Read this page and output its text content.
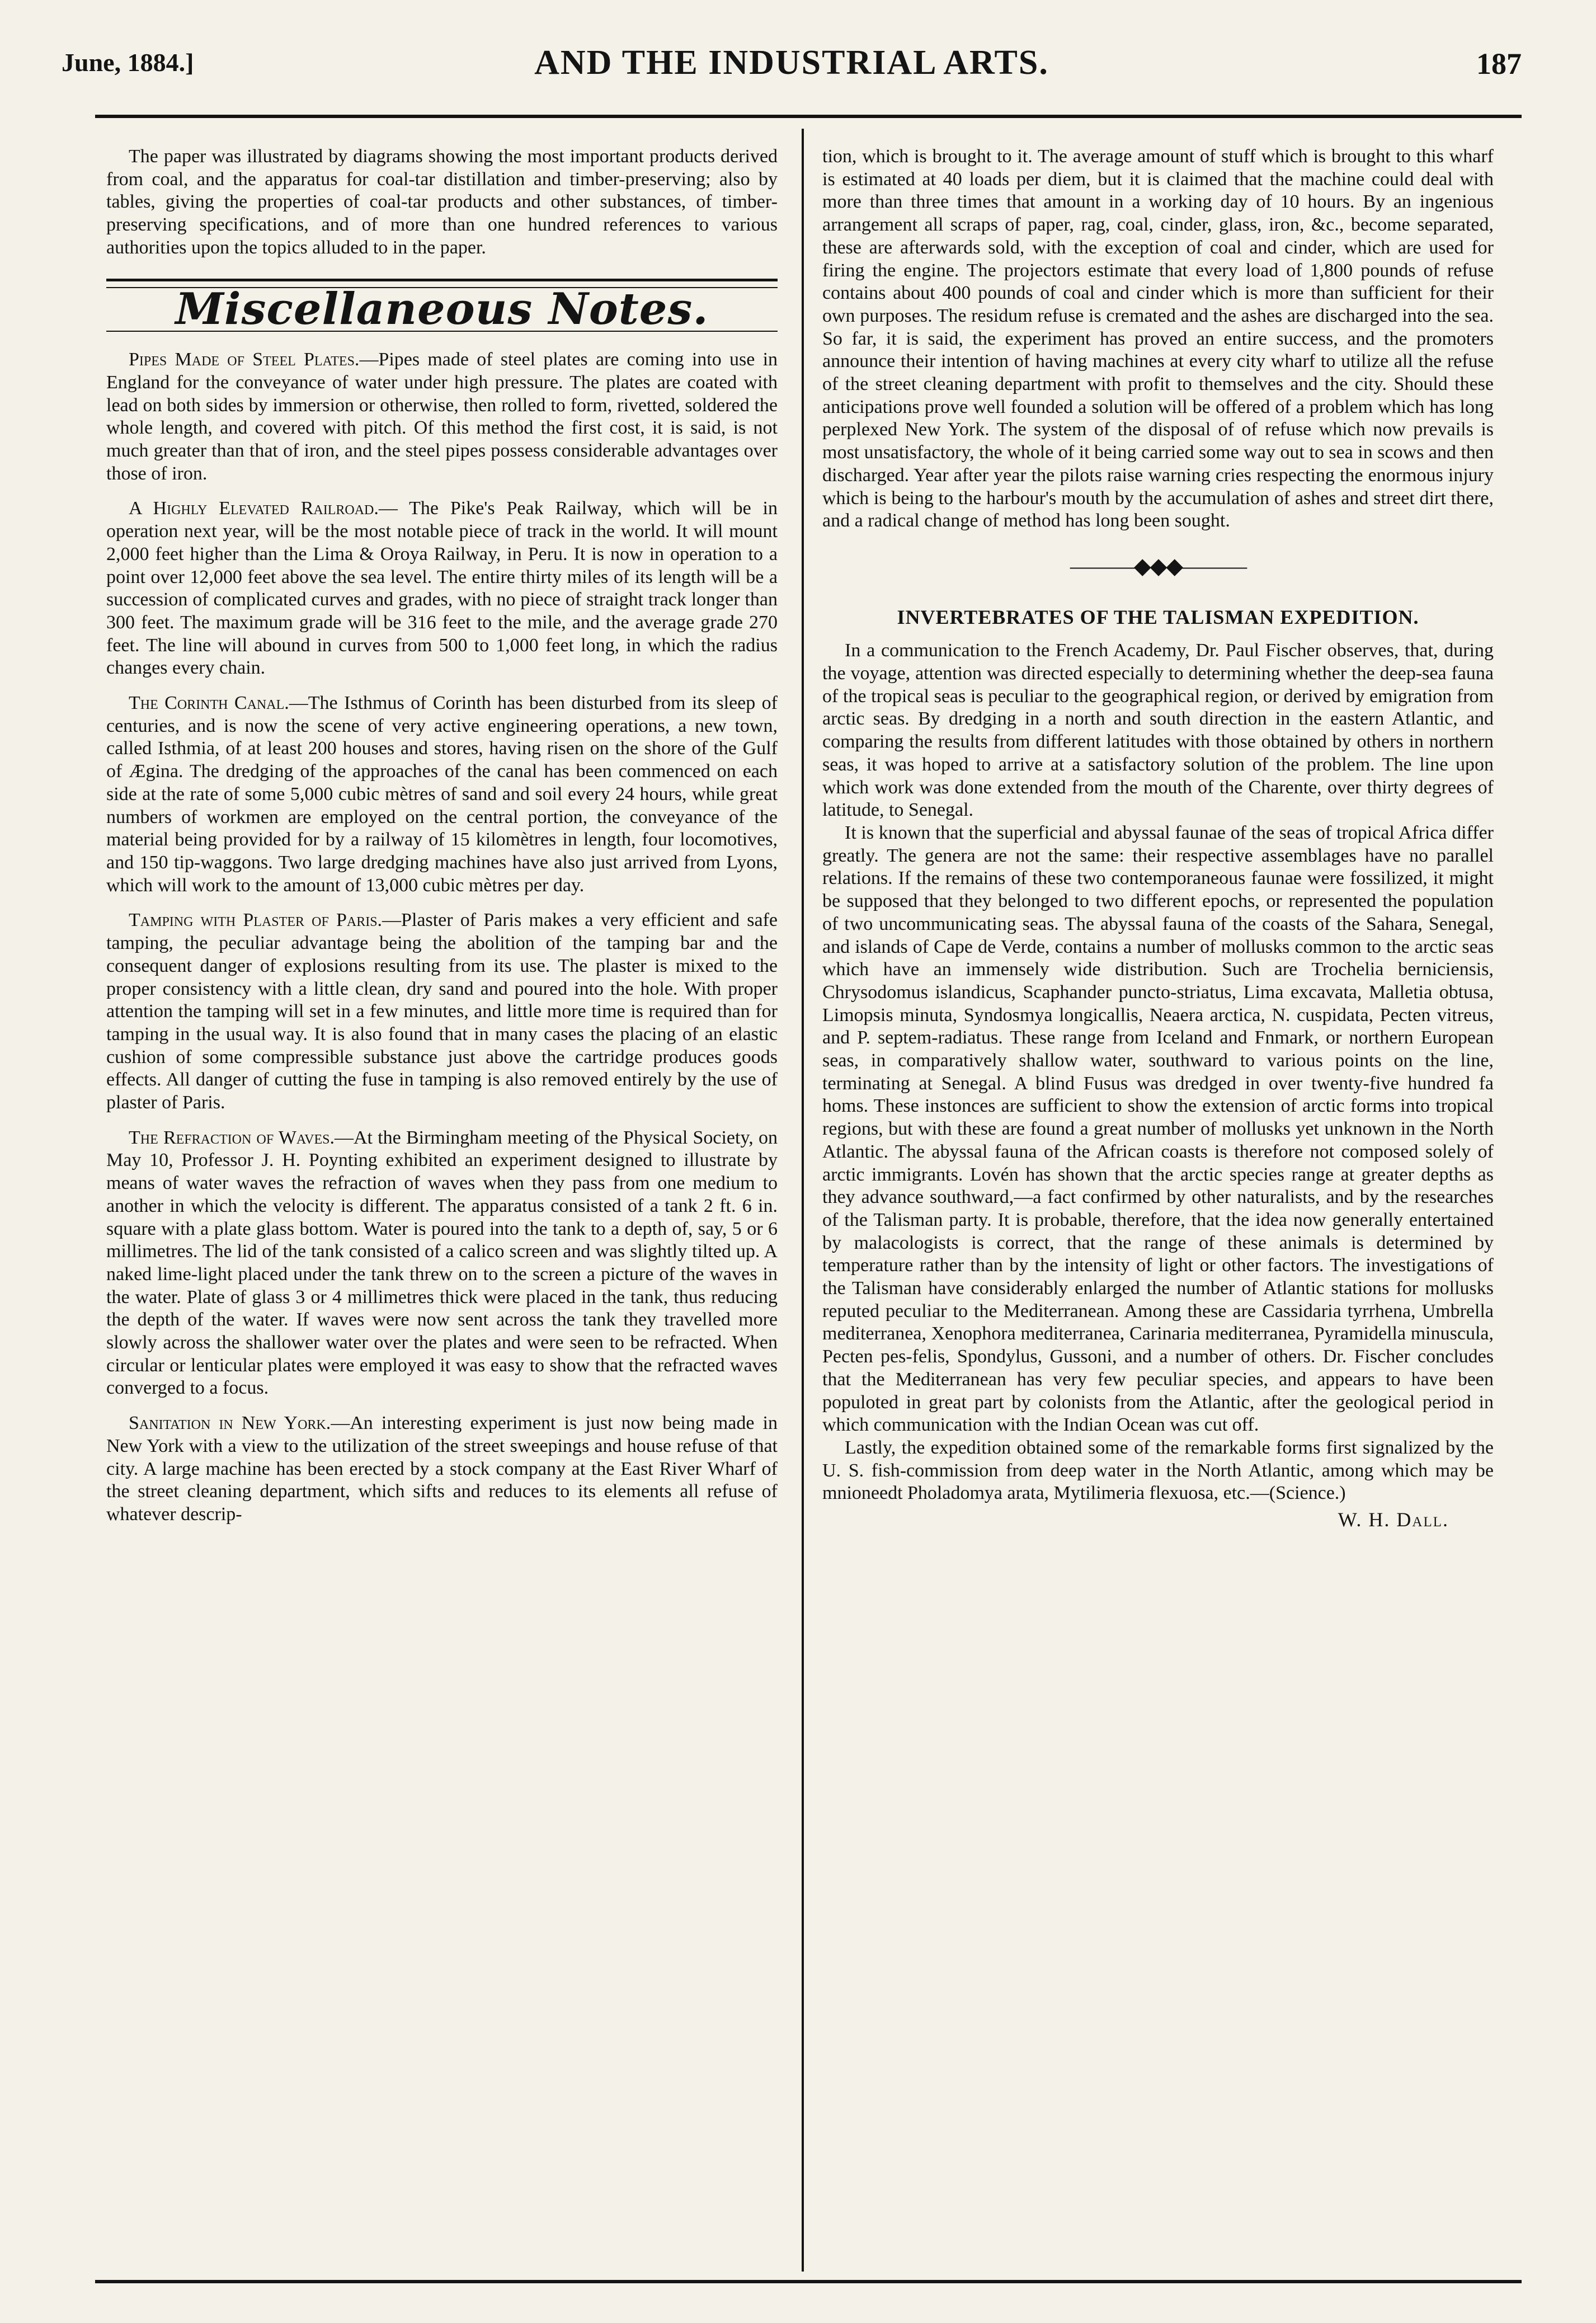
June, 1884.]	AND THE INDUSTRIAL ARTS.	187

The paper was illustrated by diagrams showing the most important products derived from coal, and the apparatus for coal-tar distillation and timber-preserving; also by tables, giving the properties of coal-tar products and other substances, of timber-preserving specifications, and of more than one hundred references to various authorities upon the topics alluded to in the paper.

Miscellaneous Notes.

Pipes Made of Steel Plates.—Pipes made of steel plates are coming into use in England for the conveyance of water under high pressure. The plates are coated with lead on both sides by immersion or otherwise, then rolled to form, rivetted, soldered the whole length, and covered with pitch. Of this method the first cost, it is said, is not much greater than that of iron, and the steel pipes possess considerable advantages over those of iron.

A Highly Elevated Railroad.— The Pike's Peak Railway, which will be in operation next year, will be the most notable piece of track in the world. It will mount 2,000 feet higher than the Lima & Oroya Railway, in Peru. It is now in operation to a point over 12,000 feet above the sea level. The entire thirty miles of its length will be a succession of complicated curves and grades, with no piece of straight track longer than 300 feet. The maximum grade will be 316 feet to the mile, and the average grade 270 feet. The line will abound in curves from 500 to 1,000 feet long, in which the radius changes every chain.

The Corinth Canal.—The Isthmus of Corinth has been disturbed from its sleep of centuries, and is now the scene of very active engineering operations, a new town, called Isthmia, of at least 200 houses and stores, having risen on the shore of the Gulf of Ægina. The dredging of the approaches of the canal has been commenced on each side at the rate of some 5,000 cubic mètres of sand and soil every 24 hours, while great numbers of workmen are employed on the central portion, the conveyance of the material being provided for by a railway of 15 kilomètres in length, four locomotives, and 150 tip-waggons. Two large dredging machines have also just arrived from Lyons, which will work to the amount of 13,000 cubic mètres per day.

Tamping with Plaster of Paris.—Plaster of Paris makes a very efficient and safe tamping, the peculiar advantage being the abolition of the tamping bar and the consequent danger of explosions resulting from its use. The plaster is mixed to the proper consistency with a little clean, dry sand and poured into the hole. With proper attention the tamping will set in a few minutes, and little more time is required than for tamping in the usual way. It is also found that in many cases the placing of an elastic cushion of some compressible substance just above the cartridge produces goods effects. All danger of cutting the fuse in tamping is also removed entirely by the use of plaster of Paris.

The Refraction of Waves.—At the Birmingham meeting of the Physical Society, on May 10, Professor J. H. Poynting exhibited an experiment designed to illustrate by means of water waves the refraction of waves when they pass from one medium to another in which the velocity is different. The apparatus consisted of a tank 2 ft. 6 in. square with a plate glass bottom. Water is poured into the tank to a depth of, say, 5 or 6 millimetres. The lid of the tank consisted of a calico screen and was slightly tilted up. A naked lime-light placed under the tank threw on to the screen a picture of the waves in the water. Plate of glass 3 or 4 millimetres thick were placed in the tank, thus reducing the depth of the water. If waves were now sent across the tank they travelled more slowly across the shallower water over the plates and were seen to be refracted. When circular or lenticular plates were employed it was easy to show that the refracted waves converged to a focus.

Sanitation in New York.—An interesting experiment is just now being made in New York with a view to the utilization of the street sweepings and house refuse of that city. A large machine has been erected by a stock company at the East River Wharf of the street cleaning department, which sifts and reduces to its elements all refuse of whatever descrip-

tion, which is brought to it. The average amount of stuff which is brought to this wharf is estimated at 40 loads per diem, but it is claimed that the machine could deal with more than three times that amount in a working day of 10 hours. By an ingenious arrangement all scraps of paper, rag, coal, cinder, glass, iron, &c., become separated, these are afterwards sold, with the exception of coal and cinder, which are used for firing the engine. The projectors estimate that every load of 1,800 pounds of refuse contains about 400 pounds of coal and cinder which is more than sufficient for their own purposes. The residum refuse is cremated and the ashes are discharged into the sea. So far, it is said, the experiment has proved an entire success, and the promoters announce their intention of having machines at every city wharf to utilize all the refuse of the street cleaning department with profit to themselves and the city. Should these anticipations prove well founded a solution will be offered of a problem which has long perplexed New York. The system of the disposal of of refuse which now prevails is most unsatisfactory, the whole of it being carried some way out to sea in scows and then discharged. Year after year the pilots raise warning cries respecting the enormous injury which is being to the harbour's mouth by the accumulation of ashes and street dirt there, and a radical change of method has long been sought.

———◆◆◆———
INVERTEBRATES OF THE TALISMAN EXPEDITION.

In a communication to the French Academy, Dr. Paul Fischer observes, that, during the voyage, attention was directed especially to determining whether the deep-sea fauna of the tropical seas is peculiar to the geographical region, or derived by emigration from arctic seas. By dredging in a north and south direction in the eastern Atlantic, and comparing the results from different latitudes with those obtained by others in northern seas, it was hoped to arrive at a satisfactory solution of the problem. The line upon which work was done extended from the mouth of the Charente, over thirty degrees of latitude, to Senegal.

It is known that the superficial and abyssal faunae of the seas of tropical Africa differ greatly. The genera are not the same: their respective assemblages have no parallel relations. If the remains of these two contemporaneous faunae were fossilized, it might be supposed that they belonged to two different epochs, or represented the population of two uncommunicating seas. The abyssal fauna of the coasts of the Sahara, Senegal, and islands of Cape de Verde, contains a number of mollusks common to the arctic seas which have an immensely wide distribution. Such are Trochelia berniciensis, Chrysodomus islandicus, Scaphander puncto-striatus, Lima excavata, Malletia obtusa, Limopsis minuta, Syndosmya longicallis, Neaera arctica, N. cuspidata, Pecten vitreus, and P. septem-radiatus. These range from Iceland and Fnmark, or northern European seas, in comparatively shallow water, southward to various points on the line, terminating at Senegal. A blind Fusus was dredged in over twenty-five hundred fa homs. These instonces are sufficient to show the extension of arctic forms into tropical regions, but with these are found a great number of mollusks yet unknown in the North Atlantic. The abyssal fauna of the African coasts is therefore not composed solely of arctic immigrants. Lovén has shown that the arctic species range at greater depths as they advance southward,—a fact confirmed by other naturalists, and by the researches of the Talisman party. It is probable, therefore, that the idea now generally entertained by malacologists is correct, that the range of these animals is determined by temperature rather than by the intensity of light or other factors. The investigations of the Talisman have considerably enlarged the number of Atlantic stations for mollusks reputed peculiar to the Mediterranean. Among these are Cassidaria tyrrhena, Umbrella mediterranea, Xenophora mediterranea, Carinaria mediterranea, Pyramidella minuscula, Pecten pes-felis, Spondylus, Gussoni, and a number of others. Dr. Fischer concludes that the Mediterranean has very few peculiar species, and appears to have been populoted in great part by colonists from the Atlantic, after the geological period in which communication with the Indian Ocean was cut off.

Lastly, the expedition obtained some of the remarkable forms first signalized by the U. S. fish-commission from deep water in the North Atlantic, among which may be mnioneedt Pholadomya arata, Mytilimeria flexuosa, etc.—(Science.)

W. H. Dall.
